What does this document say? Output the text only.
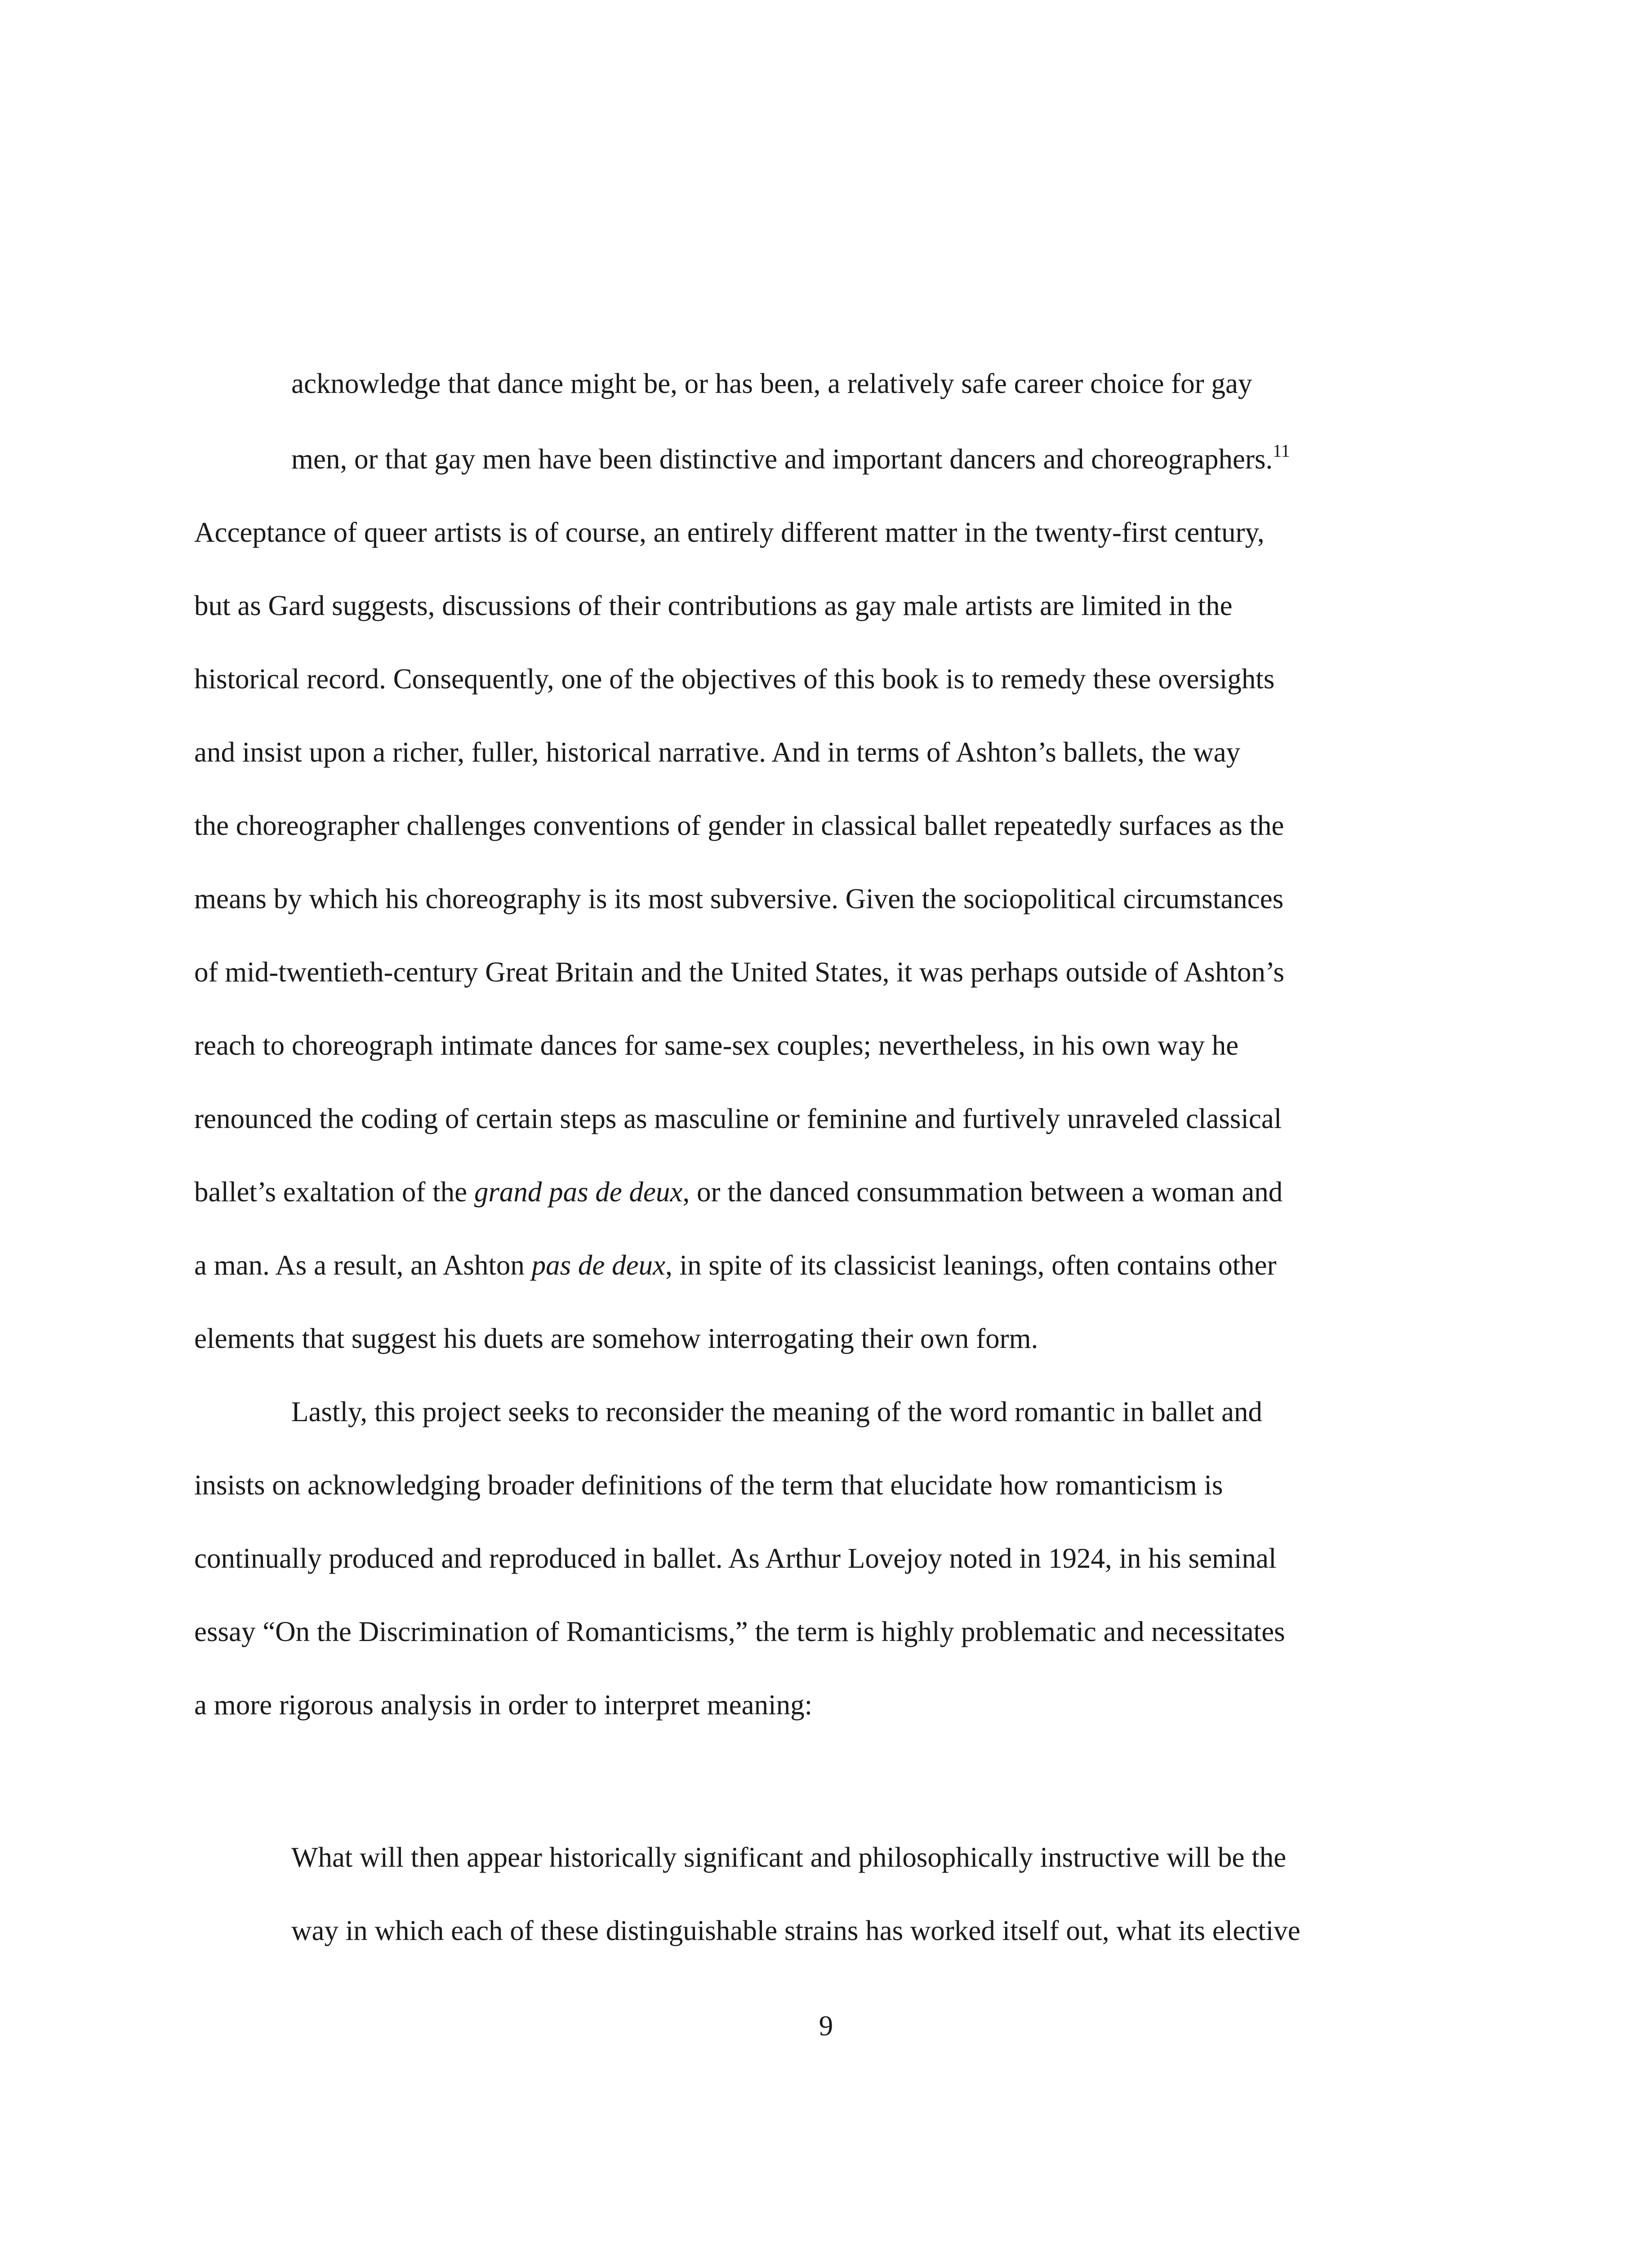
acknowledge that dance might be, or has been, a relatively safe career choice for gay

men, or that gay men have been distinctive and important dancers and choreographers.$^{11}$

Acceptance of queer artists is of course, an entirely different matter in the twenty-first century,

but as Gard suggests, discussions of their contributions as gay male artists are limited in the

historical record. Consequently, one of the objectives of this book is to remedy these oversights

and insist upon a richer, fuller, historical narrative. And in terms of Ashton’s ballets, the way

the choreographer challenges conventions of gender in classical ballet repeatedly surfaces as the

means by which his choreography is its most subversive. Given the sociopolitical circumstances

of mid-twentieth-century Great Britain and the United States, it was perhaps outside of Ashton’s

reach to choreograph intimate dances for same-sex couples; nevertheless, in his own way he

renounced the coding of certain steps as masculine or feminine and furtively unraveled classical

ballet’s exaltation of the grand pas de deux, or the danced consummation between a woman and

a man. As a result, an Ashton pas de deux, in spite of its classicist leanings, often contains other

elements that suggest his duets are somehow interrogating their own form.

Lastly, this project seeks to reconsider the meaning of the word romantic in ballet and

insists on acknowledging broader definitions of the term that elucidate how romanticism is

continually produced and reproduced in ballet. As Arthur Lovejoy noted in 1924, in his seminal

essay “On the Discrimination of Romanticisms,” the term is highly problematic and necessitates

a more rigorous analysis in order to interpret meaning:

What will then appear historically significant and philosophically instructive will be the

way in which each of these distinguishable strains has worked itself out, what its elective

9
